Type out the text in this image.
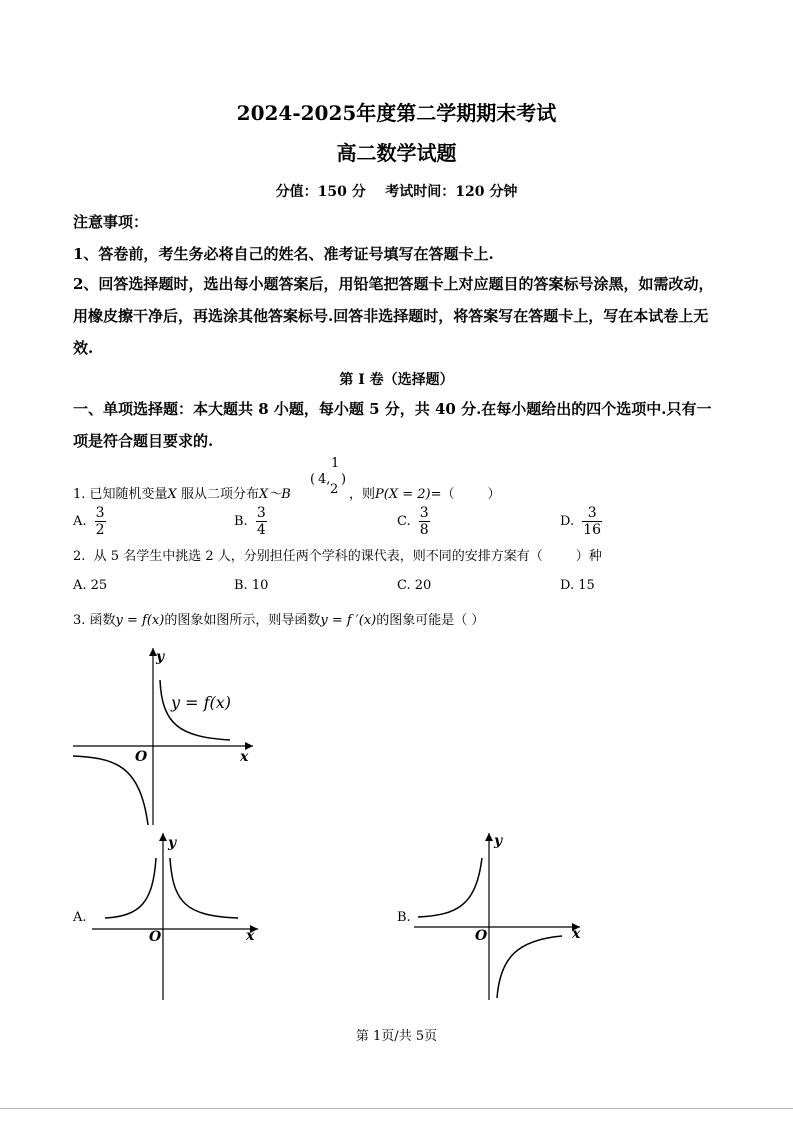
2024-2025年度第二学期期末考试
高二数学试题
分值：150 分    考试时间：120 分钟
注意事项：
1、答卷前，考生务必将自己的姓名、准考证号填写在答题卡上.
2、回答选择题时，选出每小题答案后，用铅笔把答题卡上对应题目的答案标号涂黑，如需改动，用橡皮擦干净后，再选涂其他答案标号.回答非选择题时，将答案写在答题卡上，写在本试卷上无效.
第 I 卷（选择题）
一、单项选择题：本大题共 8 小题，每小题 5 分，共 40 分.在每小题给出的四个选项中.只有一项是符合题目要求的.
1. 已知随机变量X 服从二项分布X～B
( 4,
1
2
)
，则P(X = 2)=（        ）
A. $\frac{3}{2}$	B. $\frac{3}{4}$	C. $\frac{3}{8}$	D. $\frac{3}{16}$
2.  从 5 名学生中挑选 2 人，分别担任两个学科的课代表，则不同的安排方案有（        ）种
A. 25	B. 10	C. 20	D. 15
3. 函数y = f(x)的图象如图所示，则导函数y = f ′(x)的图象可能是（ ）
y
x
O
y = f(x)
A.
y
x
O
B.
y
x
O
第 1页/共 5页
